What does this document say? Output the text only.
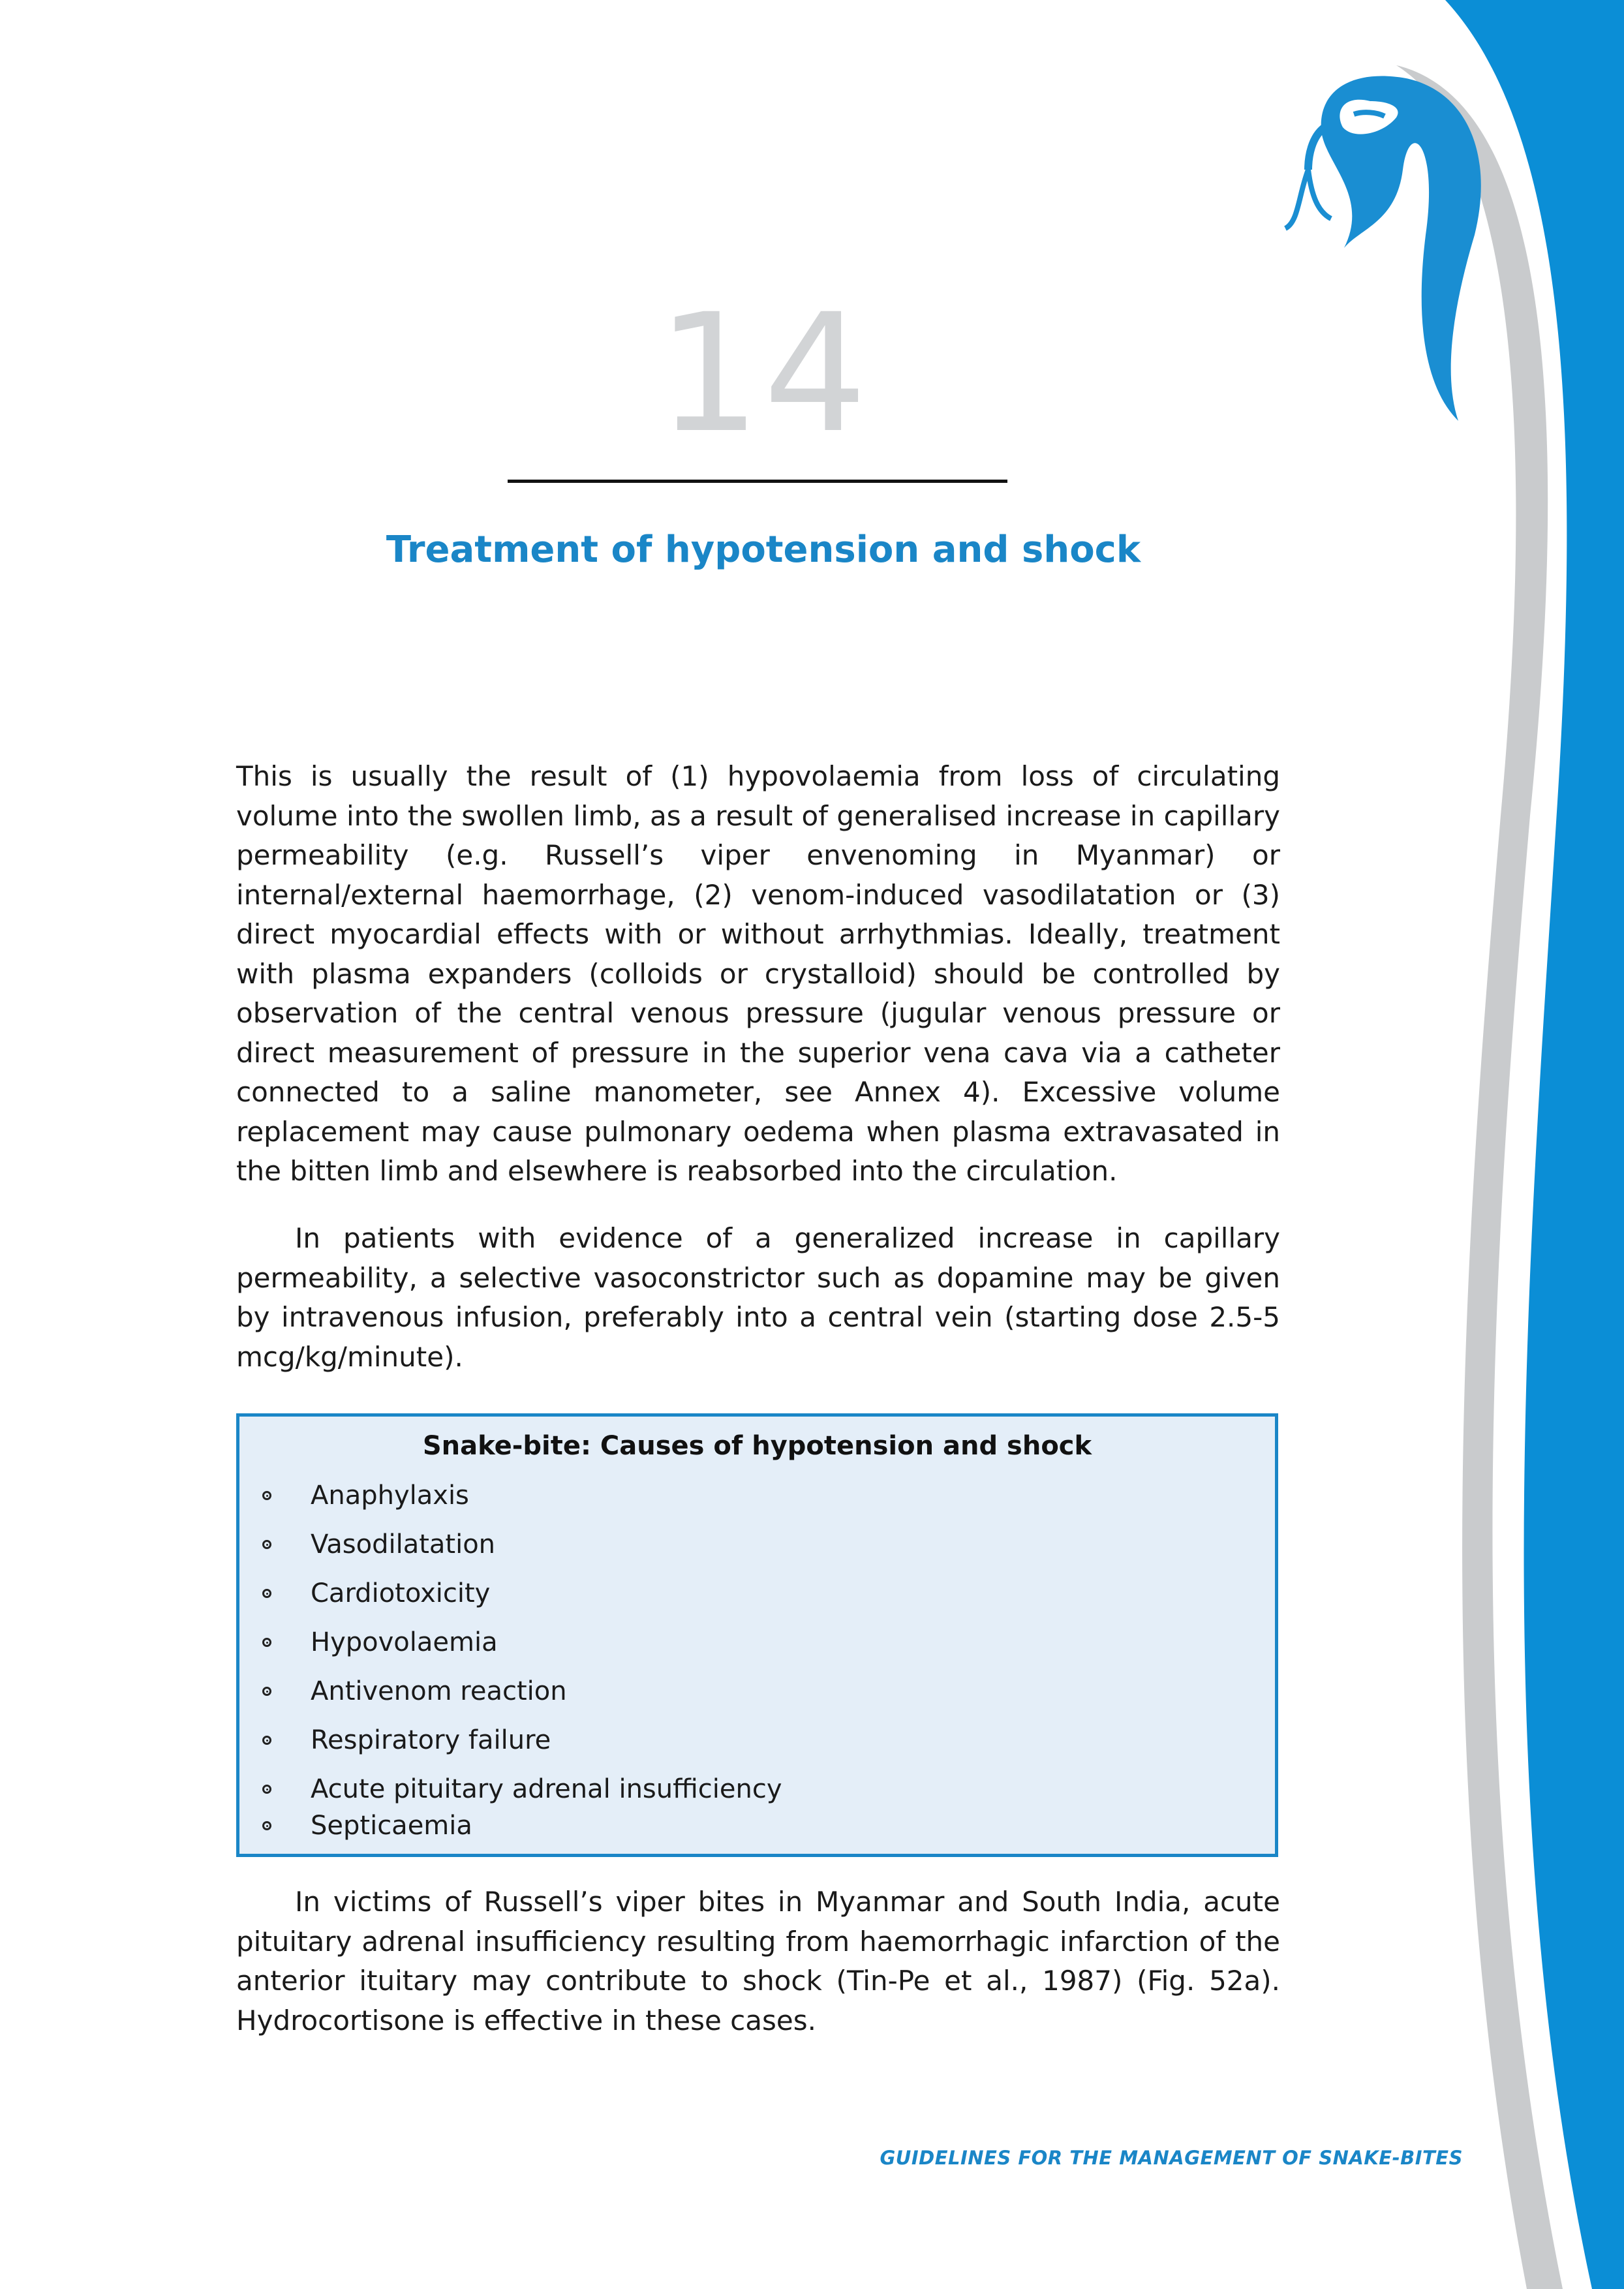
14
Treatment of hypotension and shock

This is usually the result of (1) hypovolaemia from loss of circulating volume into the swollen limb, as a result of generalised increase in capillary permeability (e.g. Russell’s viper envenoming in Myanmar) or internal/external haemorrhage, (2) venom-induced vasodilatation or (3) direct myocardial effects with or without arrhythmias. Ideally, treatment with plasma expanders (colloids or crystalloid) should be controlled by observation of the central venous pressure (jugular venous pressure or direct measurement of pressure in the superior vena cava via a catheter connected to a saline manometer, see Annex 4). Excessive volume replacement may cause pulmonary oedema when plasma extravasated in the bitten limb and elsewhere is reabsorbed into the circulation.

In patients with evidence of a generalized increase in capillary permeability, a selective vasoconstrictor such as dopamine may be given by intravenous infusion, preferably into a central vein (starting dose 2.5-5 mcg/kg/minute).

Snake-bite: Causes of hypotension and shock
Anaphylaxis
Vasodilatation
Cardiotoxicity
Hypovolaemia
Antivenom reaction
Respiratory failure
Acute pituitary adrenal insufficiency
Septicaemia

In victims of Russell’s viper bites in Myanmar and South India, acute pituitary adrenal insufficiency resulting from haemorrhagic infarction of the anterior ituitary may contribute to shock (Tin-Pe et al., 1987) (Fig. 52a). Hydrocortisone is effective in these cases.

GUIDELINES FOR THE MANAGEMENT OF SNAKE-BITES
